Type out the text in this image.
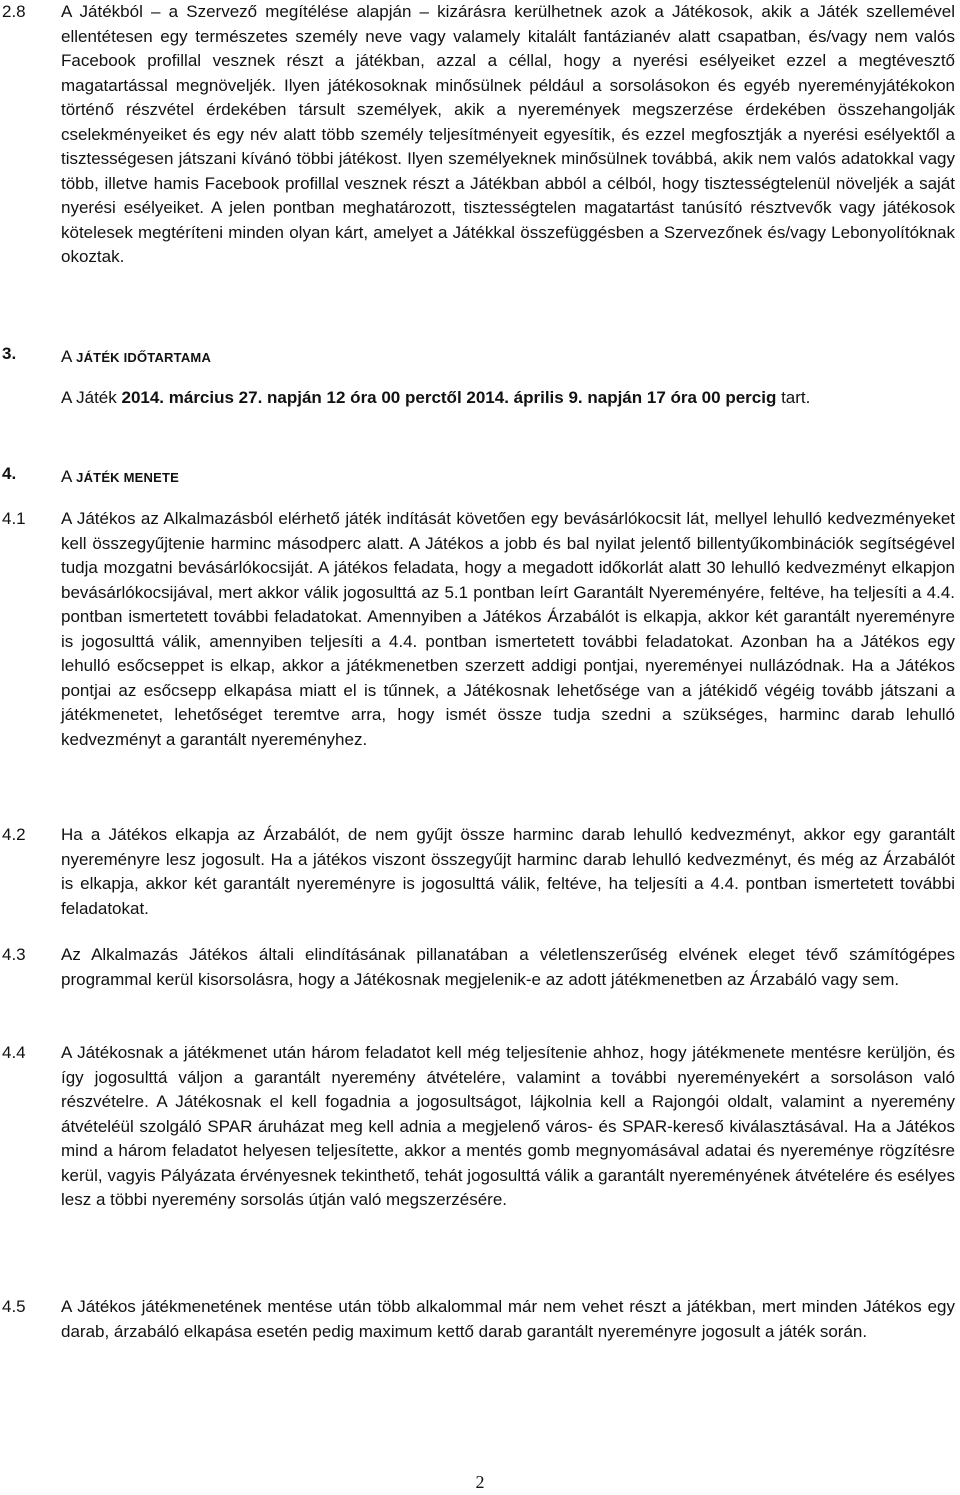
2.8 A Játékból – a Szervező megítélése alapján – kizárásra kerülhetnek azok a Játékosok, akik a Játék szellemével ellentétesen egy természetes személy neve vagy valamely kitalált fantázianév alatt csapatban, és/vagy nem valós Facebook profillal vesznek részt a játékban, azzal a céllal, hogy a nyerési esélyeiket ezzel a megtévesztő magatartással megnöveljék. Ilyen játékosoknak minősülnek például a sorsolásokon és egyéb nyereményjátékokon történő részvétel érdekében társult személyek, akik a nyeremények megszerzése érdekében összehangolják cselekményeiket és egy név alatt több személy teljesítményeit egyesítik, és ezzel megfosztják a nyerési esélyektől a tisztességesen játszani kívánó többi játékost. Ilyen személyeknek minősülnek továbbá, akik nem valós adatokkal vagy több, illetve hamis Facebook profillal vesznek részt a Játékban abból a célból, hogy tisztességtelenül növeljék a saját nyerési esélyeiket. A jelen pontban meghatározott, tisztességtelen magatartást tanúsító résztvevők vagy játékosok kötelesek megtéríteni minden olyan kárt, amelyet a Játékkal összefüggésben a Szervezőnek és/vagy Lebonyolítóknak okoztak.

3.	A JÁTÉK IDŐTARTAMA

A Játék 2014. március 27. napján 12 óra 00 perctől 2014. április 9. napján 17 óra 00 percig tart.

4.	A JÁTÉK MENETE
4.1 A Játékos az Alkalmazásból elérhető játék indítását követően egy bevásárlókocsit lát, mellyel lehulló kedvezményeket kell összegyűjtenie harminc másodperc alatt. A Játékos a jobb és bal nyilat jelentő billentyűkombinációk segítségével tudja mozgatni bevásárlókocsiját. A játékos feladata, hogy a megadott időkorlát alatt 30 lehulló kedvezményt elkapjon bevásárlókocsijával, mert akkor válik jogosulttá az 5.1 pontban leírt Garantált Nyereményére, feltéve, ha teljesíti a 4.4. pontban ismertetett további feladatokat. Amennyiben a Játékos Árzabálót is elkapja, akkor két garantált nyereményre is jogosulttá válik, amennyiben teljesíti a 4.4. pontban ismertetett további feladatokat. Azonban ha a Játékos egy lehulló esőcseppet is elkap, akkor a játékmenetben szerzett addigi pontjai, nyereményei nullázódnak. Ha a Játékos pontjai az esőcsepp elkapása miatt el is tűnnek, a Játékosnak lehetősége van a játékidő végéig tovább játszani a játékmenetet, lehetőséget teremtve arra, hogy ismét össze tudja szedni a szükséges, harminc darab lehulló kedvezményt a garantált nyereményhez.

4.2 Ha a Játékos elkapja az Árzabálót, de nem gyűjt össze harminc darab lehulló kedvezményt, akkor egy garantált nyereményre lesz jogosult. Ha a játékos viszont összegyűjt harminc darab lehulló kedvezményt, és még az Árzabálót is elkapja, akkor két garantált nyereményre is jogosulttá válik, feltéve, ha teljesíti a 4.4. pontban ismertetett további feladatokat.

4.3 Az Alkalmazás Játékos általi elindításának pillanatában a véletlenszerűség elvének eleget tévő számítógépes programmal kerül kisorsolásra, hogy a Játékosnak megjelenik-e az adott játékmenetben az Árzabáló vagy sem.

4.4 A Játékosnak a játékmenet után három feladatot kell még teljesítenie ahhoz, hogy játékmenete mentésre kerüljön, és így jogosulttá váljon a garantált nyeremény átvételére, valamint a további nyereményekért a sorsoláson való részvételre. A Játékosnak el kell fogadnia a jogosultságot, lájkolnia kell a Rajongói oldalt, valamint a nyeremény átvételéül szolgáló SPAR áruházat meg kell adnia a megjelenő város- és SPAR-kereső kiválasztásával. Ha a Játékos mind a három feladatot helyesen teljesítette, akkor a mentés gomb megnyomásával adatai és nyereménye rögzítésre kerül, vagyis Pályázata érvényesnek tekinthető, tehát jogosulttá válik a garantált nyereményének átvételére és esélyes lesz a többi nyeremény sorsolás útján való megszerzésére.

4.5 A Játékos játékmenetének mentése után több alkalommal már nem vehet részt a játékban, mert minden Játékos egy darab, árzabáló elkapása esetén pedig maximum kettő darab garantált nyereményre jogosult a játék során.

2
